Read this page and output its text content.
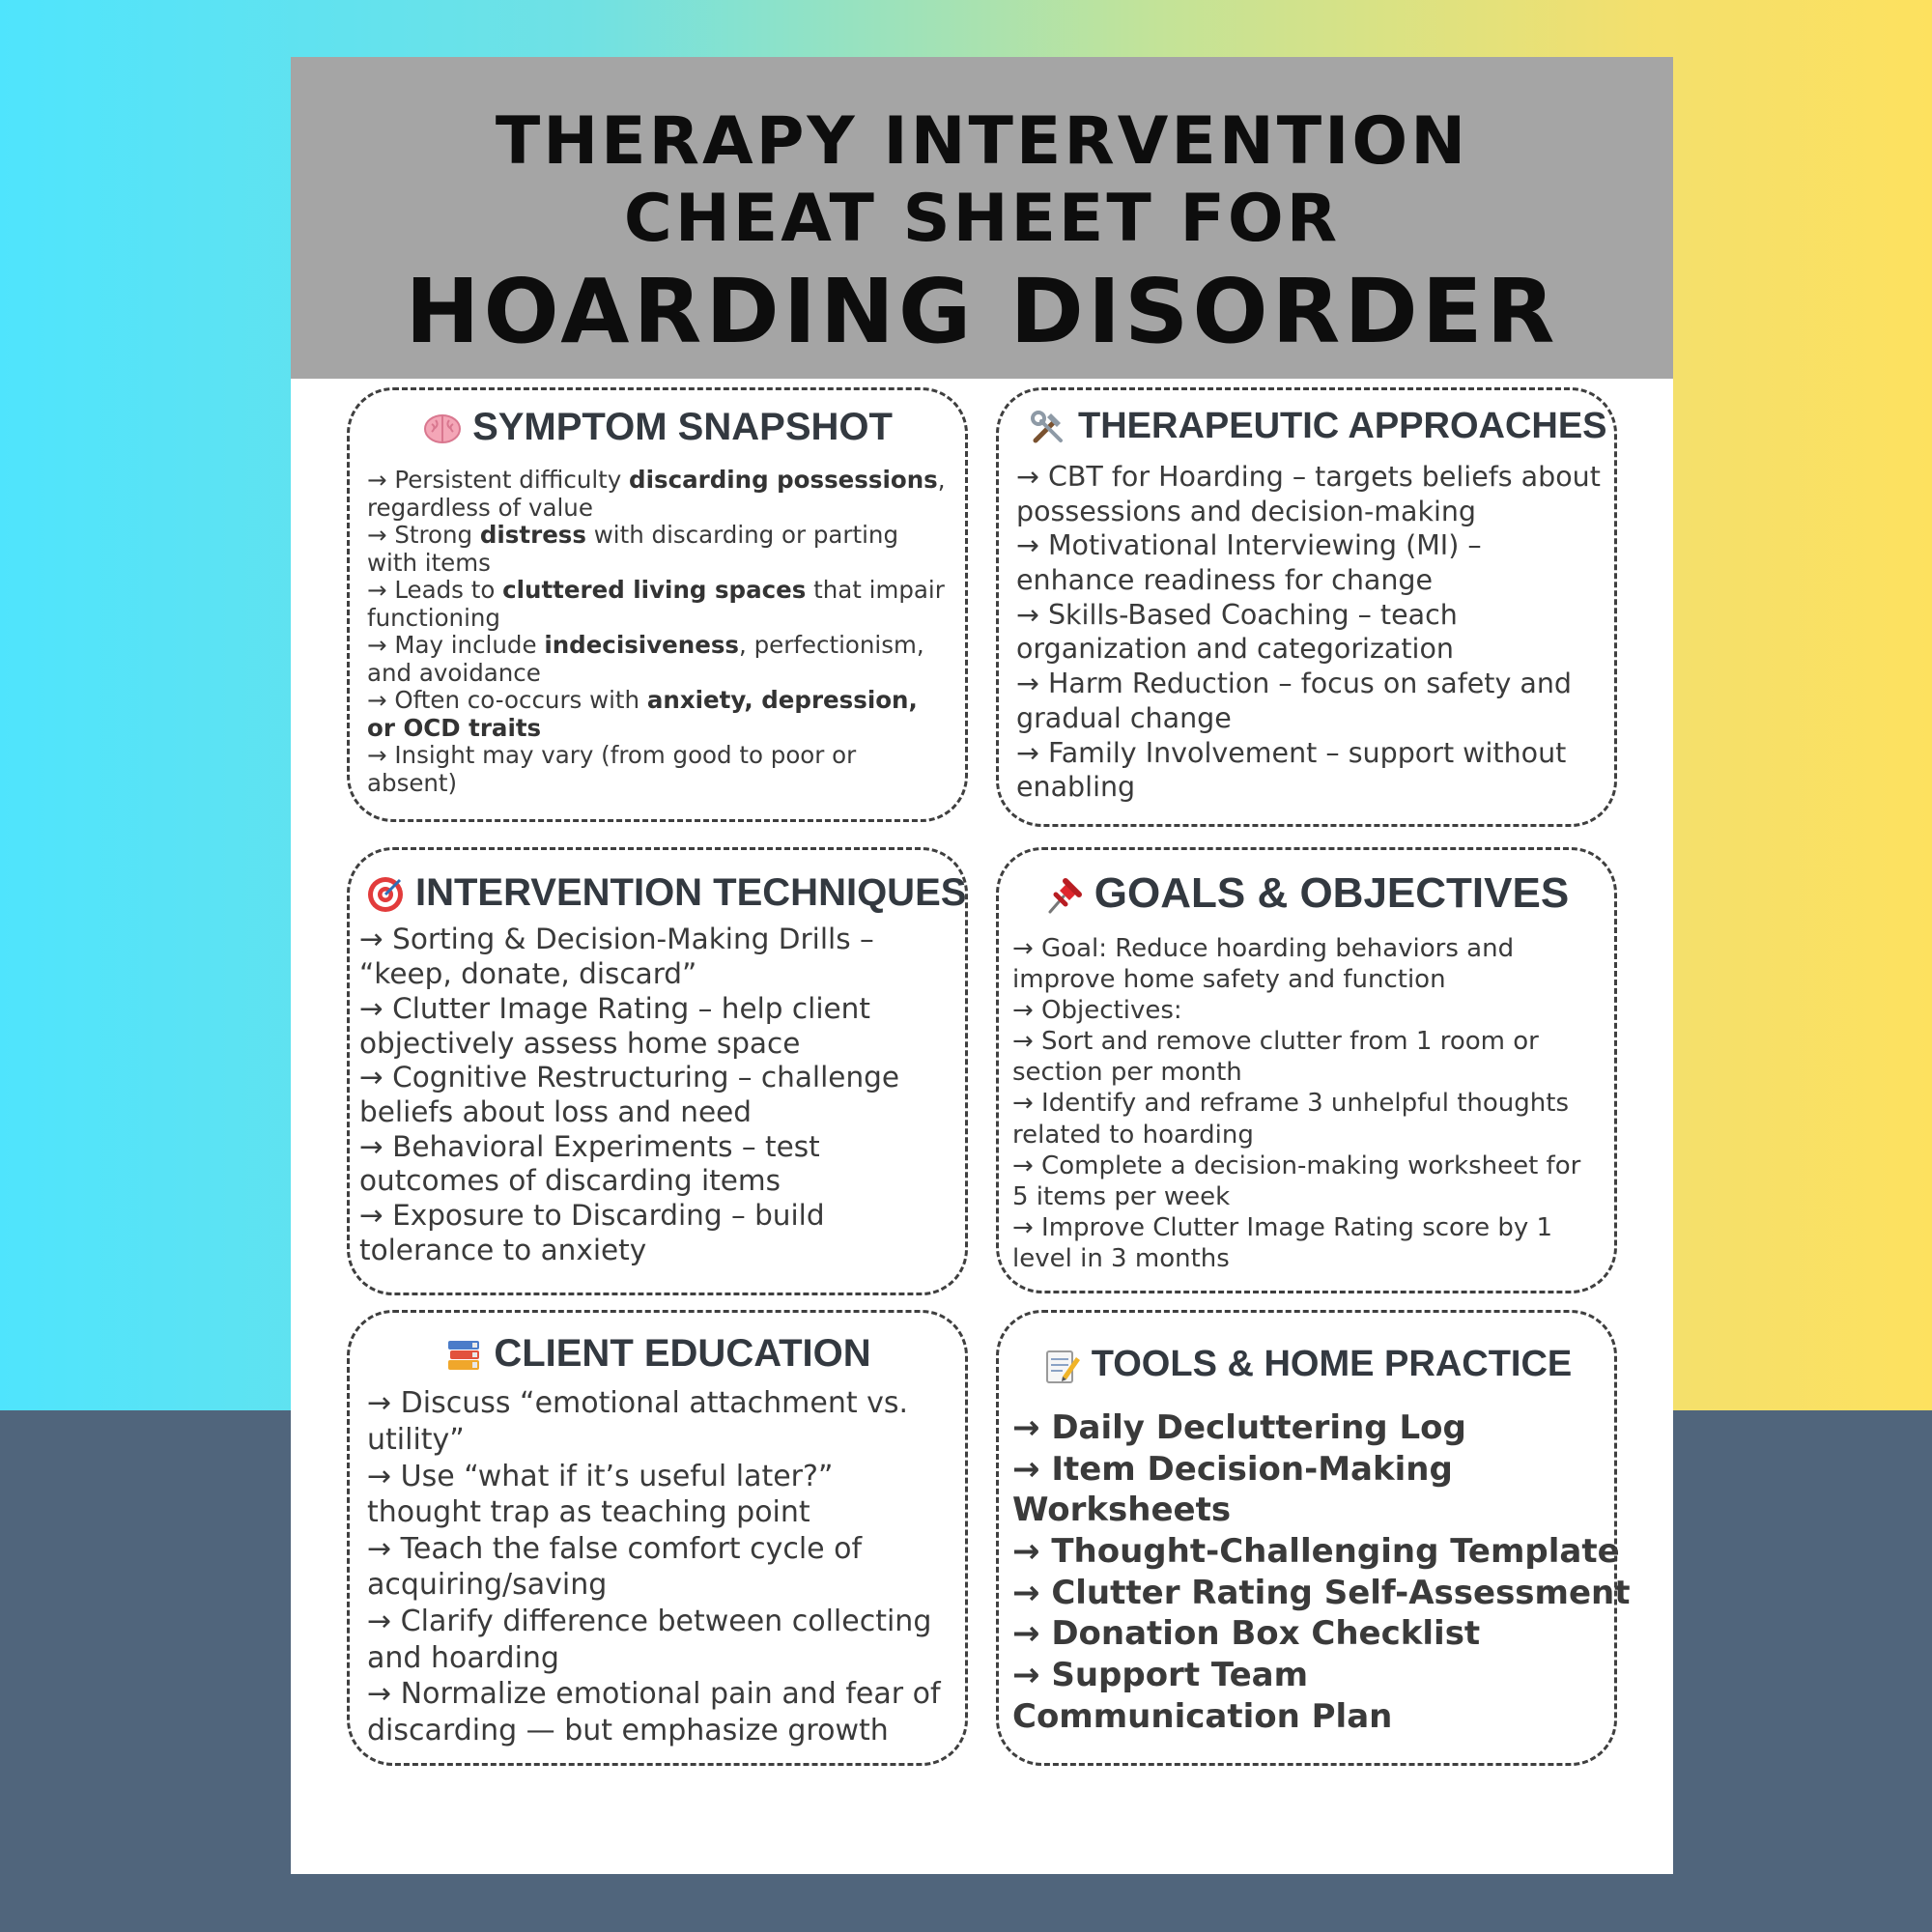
THERAPY INTERVENTION
CHEAT SHEET FOR
HOARDING DISORDER
SYMPTOM SNAPSHOT
→ Persistent difficulty discarding possessions, regardless of value
→ Strong distress with discarding or parting with items
→ Leads to cluttered living spaces that impair functioning
→ May include indecisiveness, perfectionism, and avoidance
→ Often co-occurs with anxiety, depression, or OCD traits
→ Insight may vary (from good to poor or absent)
THERAPEUTIC APPROACHES
→ CBT for Hoarding – targets beliefs about possessions and decision-making
→ Motivational Interviewing (MI) – enhance readiness for change
→ Skills-Based Coaching – teach organization and categorization
→ Harm Reduction – focus on safety and gradual change
→ Family Involvement – support without enabling
INTERVENTION TECHNIQUES
→ Sorting & Decision-Making Drills – “keep, donate, discard”
→ Clutter Image Rating – help client objectively assess home space
→ Cognitive Restructuring – challenge beliefs about loss and need
→ Behavioral Experiments – test outcomes of discarding items
→ Exposure to Discarding – build tolerance to anxiety
GOALS & OBJECTIVES
→ Goal: Reduce hoarding behaviors and improve home safety and function
→ Objectives:
→ Sort and remove clutter from 1 room or section per month
→ Identify and reframe 3 unhelpful thoughts related to hoarding
→ Complete a decision-making worksheet for 5 items per week
→ Improve Clutter Image Rating score by 1 level in 3 months
CLIENT EDUCATION
→ Discuss “emotional attachment vs. utility”
→ Use “what if it’s useful later?” thought trap as teaching point
→ Teach the false comfort cycle of acquiring/saving
→ Clarify difference between collecting and hoarding
→ Normalize emotional pain and fear of discarding — but emphasize growth
TOOLS & HOME PRACTICE
→ Daily Decluttering Log
→ Item Decision-Making Worksheets
→ Thought-Challenging Template
→ Clutter Rating Self-Assessment
→ Donation Box Checklist
→ Support Team Communication Plan
